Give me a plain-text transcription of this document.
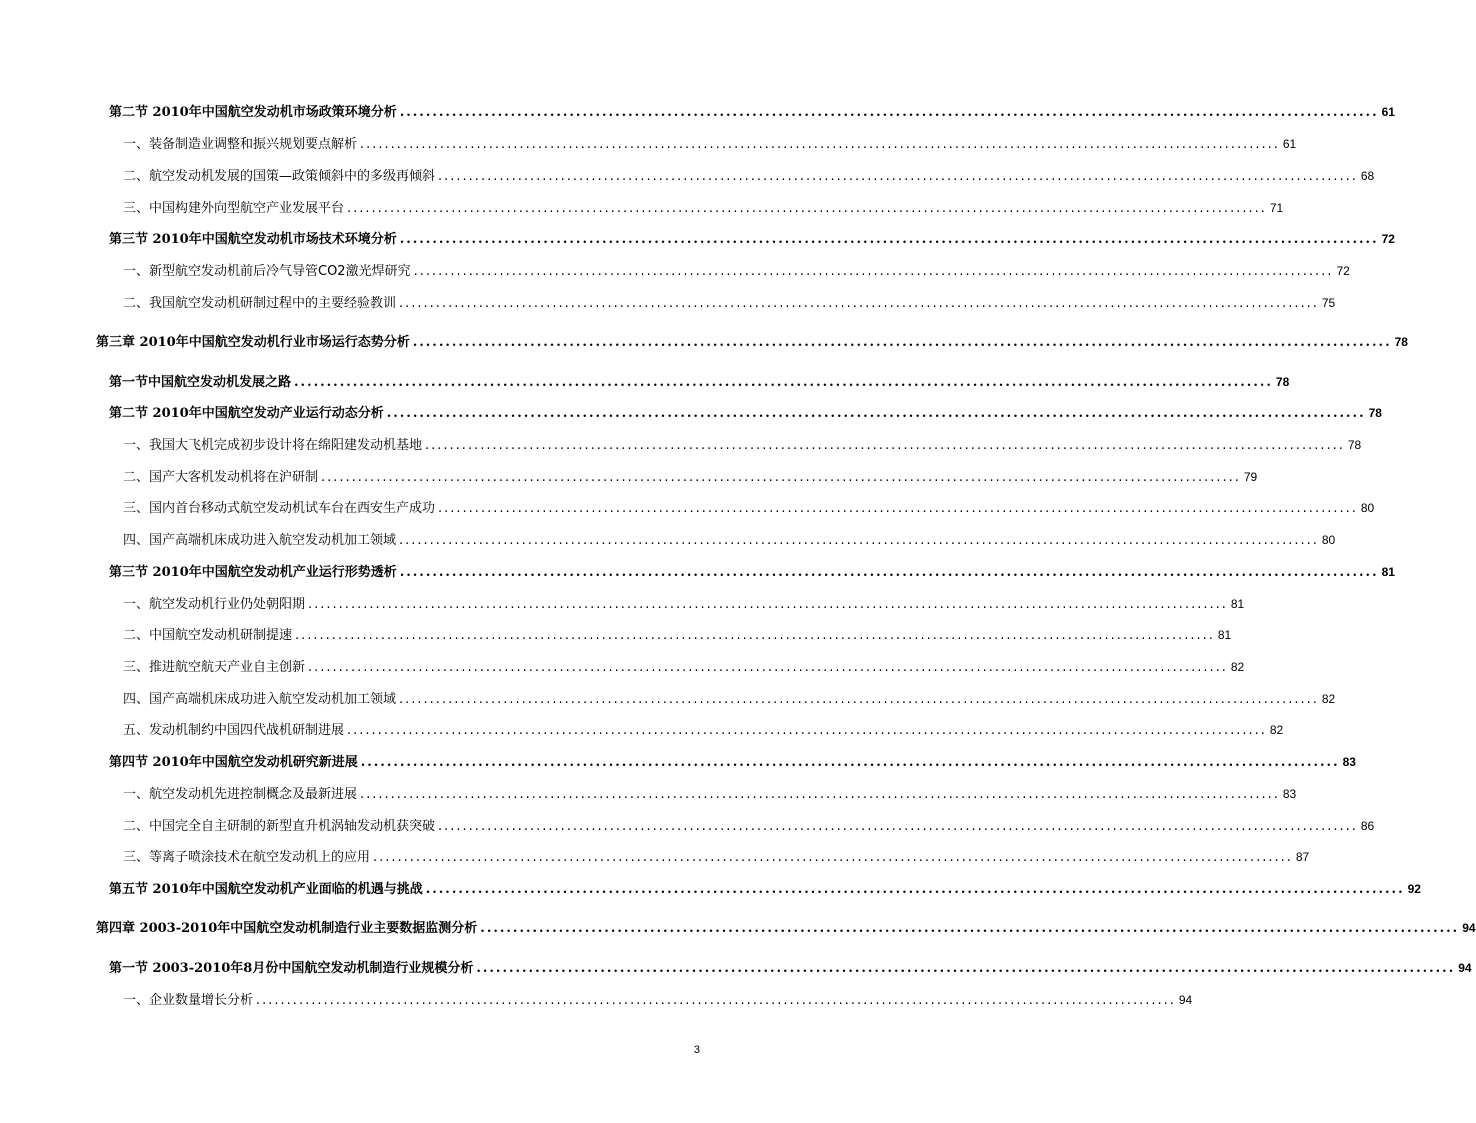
第二节 2010年中国航空发动机市场政策环境分析 ...................................................................................................................................................... 61
一、装备制造业调整和振兴规划要点解析 ...................................................................................................................................................... 61
二、航空发动机发展的国策—政策倾斜中的多级再倾斜 ...................................................................................................................................................... 68
三、中国构建外向型航空产业发展平台 ...................................................................................................................................................... 71
第三节 2010年中国航空发动机市场技术环境分析 ...................................................................................................................................................... 72
一、新型航空发动机前后冷气导管CO2激光焊研究 ...................................................................................................................................................... 72
二、我国航空发动机研制过程中的主要经验教训 ...................................................................................................................................................... 75
第三章 2010年中国航空发动机行业市场运行态势分析 ...................................................................................................................................................... 78
第一节中国航空发动机发展之路 ...................................................................................................................................................... 78
第二节 2010年中国航空发动产业运行动态分析 ...................................................................................................................................................... 78
一、我国大飞机完成初步设计将在绵阳建发动机基地 ...................................................................................................................................................... 78
二、国产大客机发动机将在沪研制 ...................................................................................................................................................... 79
三、国内首台移动式航空发动机试车台在西安生产成功 ...................................................................................................................................................... 80
四、国产高端机床成功进入航空发动机加工领域 ...................................................................................................................................................... 80
第三节 2010年中国航空发动机产业运行形势透析 ...................................................................................................................................................... 81
一、航空发动机行业仍处朝阳期 ...................................................................................................................................................... 81
二、中国航空发动机研制提速 ...................................................................................................................................................... 81
三、推进航空航天产业自主创新 ...................................................................................................................................................... 82
四、国产高端机床成功进入航空发动机加工领域 ...................................................................................................................................................... 82
五、发动机制约中国四代战机研制进展 ...................................................................................................................................................... 82
第四节 2010年中国航空发动机研究新进展 ...................................................................................................................................................... 83
一、航空发动机先进控制概念及最新进展 ...................................................................................................................................................... 83
二、中国完全自主研制的新型直升机涡轴发动机获突破 ...................................................................................................................................................... 86
三、等离子喷涂技术在航空发动机上的应用 ...................................................................................................................................................... 87
第五节 2010年中国航空发动机产业面临的机遇与挑战 ...................................................................................................................................................... 92
第四章 2003-2010年中国航空发动机制造行业主要数据监测分析 ...................................................................................................................................................... 94
第一节 2003-2010年8月份中国航空发动机制造行业规模分析 ...................................................................................................................................................... 94
一、企业数量增长分析 ...................................................................................................................................................... 94
3
